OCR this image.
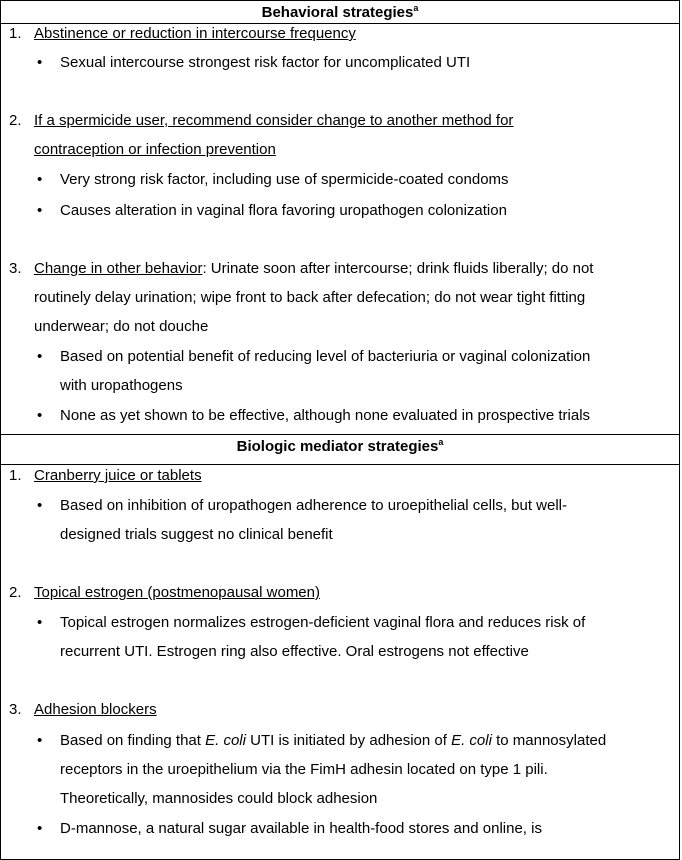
Behavioral strategies$^a$
1. Abstinence or reduction in intercourse frequency
• Sexual intercourse strongest risk factor for uncomplicated UTI
2. If a spermicide user, recommend consider change to another method for
contraception or infection prevention
• Very strong risk factor, including use of spermicide-coated condoms
• Causes alteration in vaginal flora favoring uropathogen colonization
3. Change in other behavior: Urinate soon after intercourse; drink fluids liberally; do not
routinely delay urination; wipe front to back after defecation; do not wear tight fitting
underwear; do not douche
• Based on potential benefit of reducing level of bacteriuria or vaginal colonization
with uropathogens
• None as yet shown to be effective, although none evaluated in prospective trials
Biologic mediator strategies$^a$
1. Cranberry juice or tablets
• Based on inhibition of uropathogen adherence to uroepithelial cells, but well-
designed trials suggest no clinical benefit
2. Topical estrogen (postmenopausal women)
• Topical estrogen normalizes estrogen-deficient vaginal flora and reduces risk of
recurrent UTI. Estrogen ring also effective. Oral estrogens not effective
3. Adhesion blockers
• Based on finding that E. coli UTI is initiated by adhesion of E. coli to mannosylated
receptors in the uroepithelium via the FimH adhesin located on type 1 pili.
Theoretically, mannosides could block adhesion
• D-mannose, a natural sugar available in health-food stores and online, is
